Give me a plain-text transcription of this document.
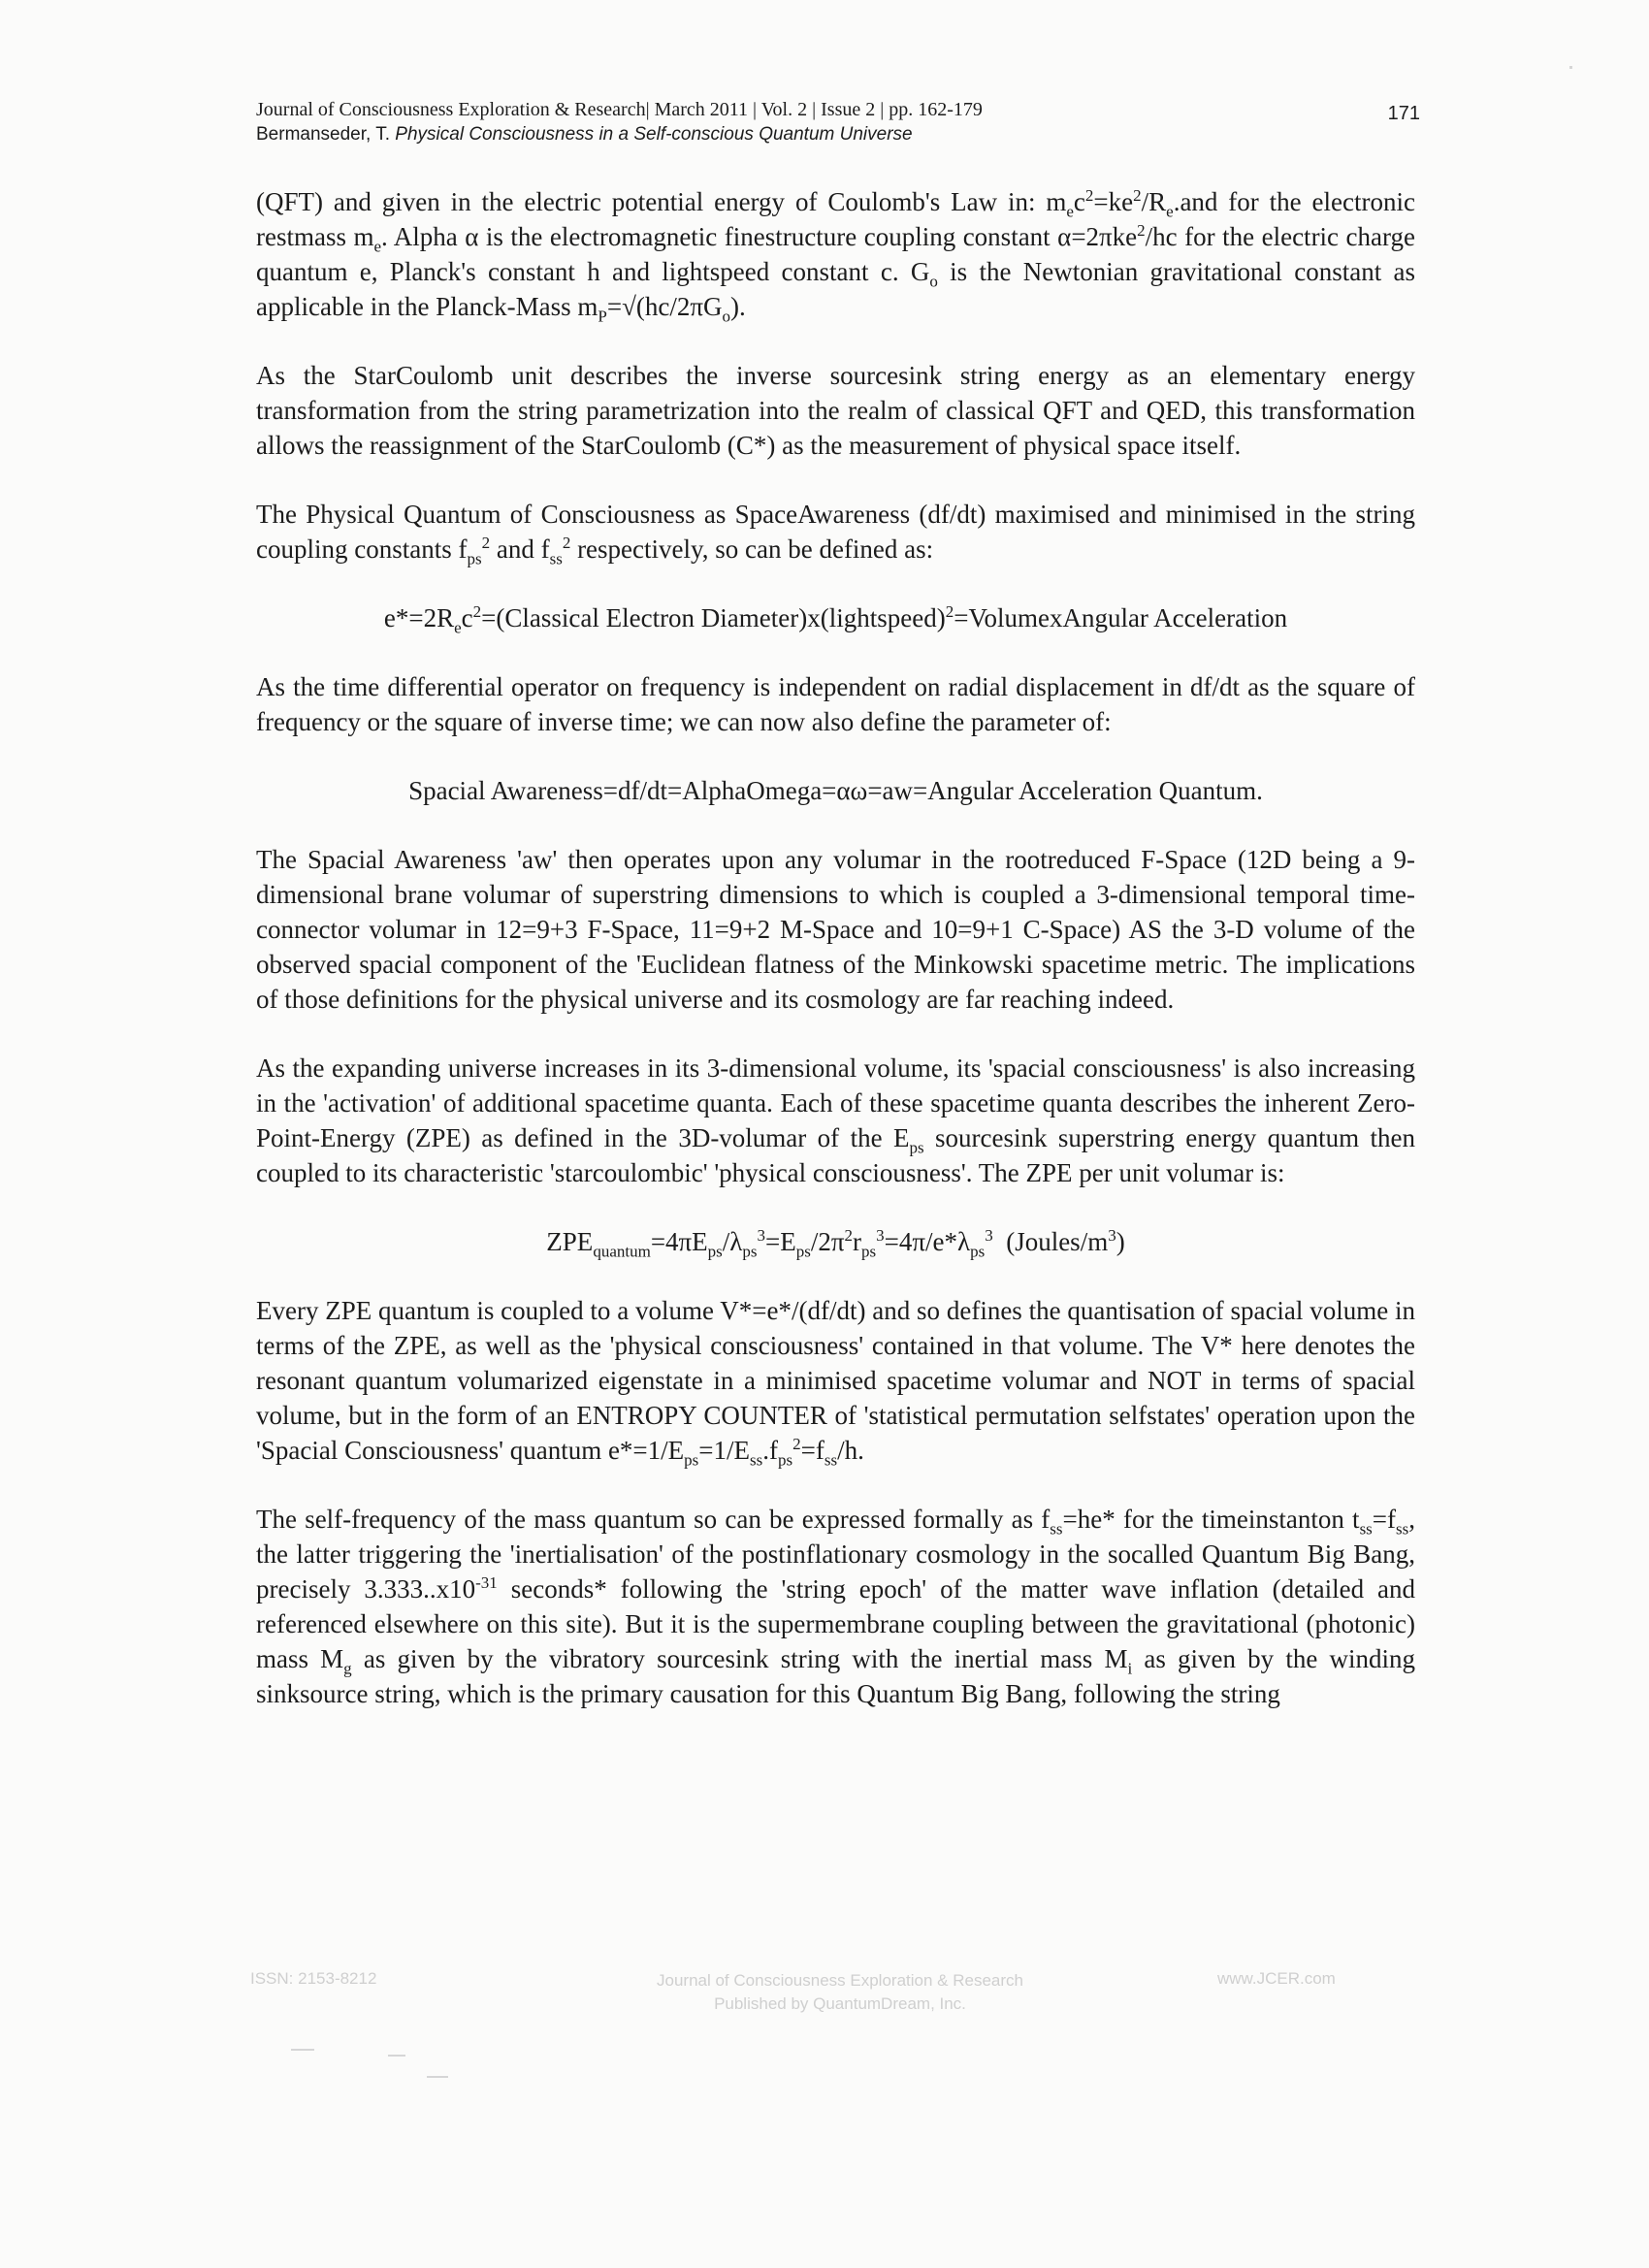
Journal of Consciousness Exploration & Research| March 2011 | Vol. 2 | Issue 2 | pp. 162-179
Bermanseder, T. Physical Consciousness in a Self-conscious Quantum Universe
171

(QFT) and given in the electric potential energy of Coulomb's Law in: $m_ec^2=ke^2/R_e.and$ for the electronic restmass $m_e$. Alpha α is the electromagnetic finestructure coupling constant α=2πke$^2$/hc for the electric charge quantum e, Planck's constant h and lightspeed constant c. $G_o$ is the Newtonian gravitational constant as applicable in the Planck-Mass $m_P=√(hc/2\pi G_o)$.

As the StarCoulomb unit describes the inverse sourcesink string energy as an elementary energy transformation from the string parametrization into the realm of classical QFT and QED, this transformation allows the reassignment of the StarCoulomb (C*) as the measurement of physical space itself.

The Physical Quantum of Consciousness as SpaceAwareness (df/dt) maximised and minimised in the string coupling constants $f_{ps}^2$ and $f_{ss}^2$ respectively, so can be defined as:

$e*=2R_ec^2=(Classical$ Electron Diameter)x(lightspeed)$^2$=VolumexAngular Acceleration

As the time differential operator on frequency is independent on radial displacement in df/dt as the square of frequency or the square of inverse time; we can now also define the parameter of:

Spacial Awareness=df/dt=AlphaOmega=αω=aw=Angular Acceleration Quantum.

The Spacial Awareness 'aw' then operates upon any volumar in the rootreduced F-Space (12D being a 9-dimensional brane volumar of superstring dimensions to which is coupled a 3-dimensional temporal time-connector volumar in 12=9+3 F-Space, 11=9+2 M-Space and 10=9+1 C-Space) AS the 3-D volume of the observed spacial component of the 'Euclidean flatness of the Minkowski spacetime metric. The implications of those definitions for the physical universe and its cosmology are far reaching indeed.

As the expanding universe increases in its 3-dimensional volume, its 'spacial consciousness' is also increasing in the 'activation' of additional spacetime quanta. Each of these spacetime quanta describes the inherent Zero-Point-Energy (ZPE) as defined in the 3D-volumar of the $E_{ps}$ sourcesink superstring energy quantum then coupled to its characteristic 'starcoulombic' 'physical consciousness'. The ZPE per unit volumar is:

$ZPE_{quantum}=4\pi E_{ps}/\lambda_{ps}^3=E_{ps}/2\pi^2r_{ps}^3=4\pi/e*\lambda_{ps}^3$  $(Joules/m^3)$

Every ZPE quantum is coupled to a volume V*=e*/(df/dt) and so defines the quantisation of spacial volume in terms of the ZPE, as well as the 'physical consciousness' contained in that volume. The V* here denotes the resonant quantum volumarized eigenstate in a minimised spacetime volumar and NOT in terms of spacial volume, but in the form of an ENTROPY COUNTER of 'statistical permutation selfstates' operation upon the 'Spacial Consciousness' quantum $e*=1/E_{ps}=1/E_{ss}.f_{ps}^2=f_{ss}/h$.

The self-frequency of the mass quantum so can be expressed formally as $f_{ss}=he*$ for the timeinstanton $t_{ss}=f_{ss}$, the latter triggering the 'inertialisation' of the postinflationary cosmology in the socalled Quantum Big Bang, precisely $3.333..x10^{-31}$ seconds* following the 'string epoch' of the matter wave inflation (detailed and referenced elsewhere on this site). But it is the supermembrane coupling between the gravitational (photonic) mass $M_g$ as given by the vibratory sourcesink string with the inertial mass $M_i$ as given by the winding sinksource string, which is the primary causation for this Quantum Big Bang, following the string

ISSN: 2153-8212	Journal of Consciousness Exploration & Research
Published by QuantumDream, Inc.
www.JCER.com
